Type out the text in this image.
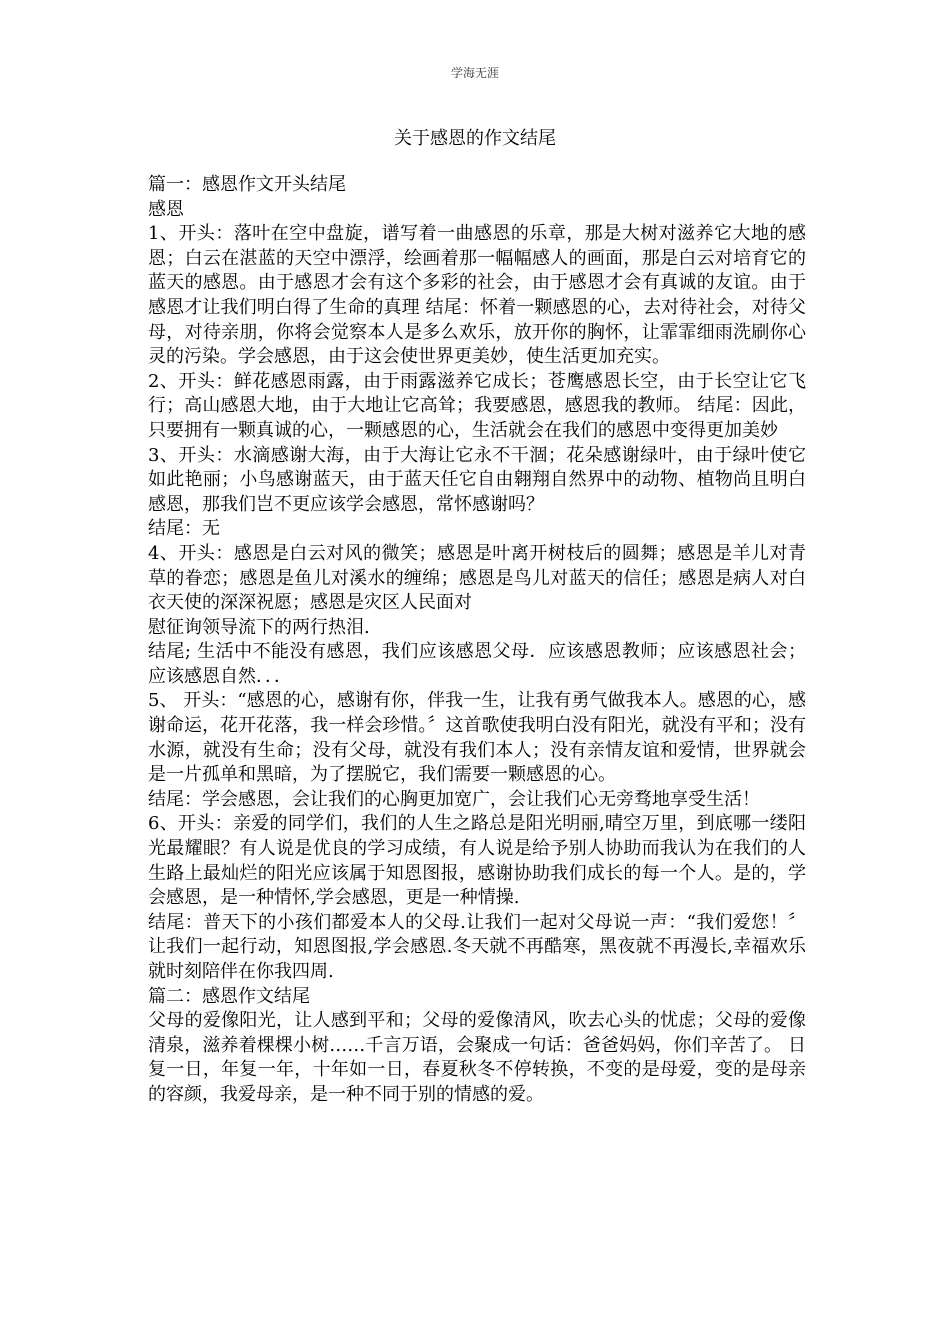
学海无涯
关于感恩的作文结尾

篇一：感恩作文开头结尾

感恩

1、开头：落叶在空中盘旋，谱写着一曲感恩的乐章，那是大树对滋养它大地的感恩；白云在湛蓝的天空中漂浮，绘画着那一幅幅感人的画面，那是白云对培育它的蓝天的感恩。由于感恩才会有这个多彩的社会，由于感恩才会有真诚的友谊。由于感恩才让我们明白得了生命的真理 结尾：怀着一颗感恩的心，去对待社会，对待父母，对待亲朋，你将会觉察本人是多么欢乐，放开你的胸怀，让霏霏细雨洗刷你心灵的污染。学会感恩，由于这会使世界更美妙，使生活更加充实。

2、开头：鲜花感恩雨露，由于雨露滋养它成长；苍鹰感恩长空，由于长空让它飞行；高山感恩大地，由于大地让它高耸；我要感恩，感恩我的教师。 结尾：因此，只要拥有一颗真诚的心，一颗感恩的心，生活就会在我们的感恩中变得更加美妙

3、开头：水滴感谢大海，由于大海让它永不干涸；花朵感谢绿叶，由于绿叶使它如此艳丽；小鸟感谢蓝天，由于蓝天任它自由翱翔自然界中的动物、植物尚且明白感恩，那我们岂不更应该学会感恩，常怀感谢吗？

结尾：无

4、开头：感恩是白云对风的微笑；感恩是叶离开树枝后的圆舞；感恩是羊儿对青草的眷恋；感恩是鱼儿对溪水的缠绵；感恩是鸟儿对蓝天的信任；感恩是病人对白衣天使的深深祝愿；感恩是灾区人民面对

慰征询领导流下的两行热泪.

结尾; 生活中不能没有感恩，我们应该感恩父母．应该感恩教师；应该感恩社会；应该感恩自然．．．

5、 开头：“感恩的心，感谢有你，伴我一生，让我有勇气做我本人。感恩的心，感谢命运，花开花落，我一样会珍惜。〞这首歌使我明白没有阳光，就没有平和；没有水源，就没有生命；没有父母，就没有我们本人；没有亲情友谊和爱情，世界就会是一片孤单和黑暗，为了摆脱它，我们需要一颗感恩的心。

结尾：学会感恩，会让我们的心胸更加宽广，会让我们心无旁骛地享受生活！

6、开头：亲爱的同学们，我们的人生之路总是阳光明丽,晴空万里，到底哪一缕阳光最耀眼？有人说是优良的学习成绩，有人说是给予别人协助而我认为在我们的人生路上最灿烂的阳光应该属于知恩图报，感谢协助我们成长的每一个人。是的，学会感恩，是一种情怀,学会感恩，更是一种情操.

结尾：普天下的小孩们都爱本人的父母.让我们一起对父母说一声：“我们爱您！〞让我们一起行动，知恩图报,学会感恩.冬天就不再酷寒，黑夜就不再漫长,幸福欢乐就时刻陪伴在你我四周.

篇二：感恩作文结尾

父母的爱像阳光，让人感到平和；父母的爱像清风，吹去心头的忧虑；父母的爱像清泉，滋养着棵棵小树……千言万语，会聚成一句话：爸爸妈妈，你们辛苦了。 日复一日，年复一年，十年如一日，春夏秋冬不停转换，不变的是母爱，变的是母亲的容颜，我爱母亲，是一种不同于别的情感的爱。
